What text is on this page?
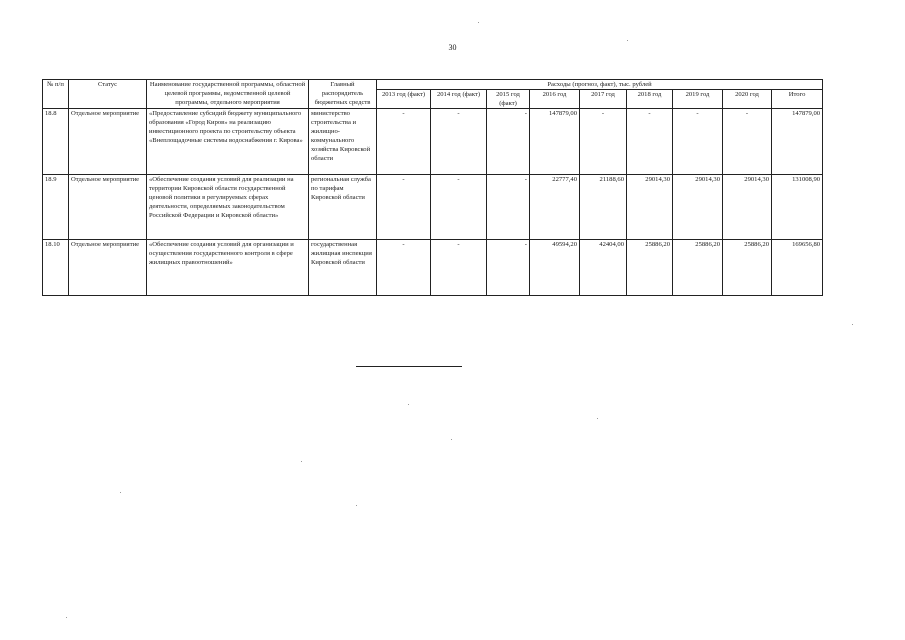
30
№ п/п	Статус	Наименование государственной программы, областной целевой программы, ведомственной целевой программы, отдельного мероприятия	Главный распорядитель бюджетных средств	Расходы (прогноз, факт), тыс. рублей								
				2013 год (факт)	2014 год (факт)	2015 год (факт)	2016 год	2017 год	2018 год	2019 год	2020 год	Итого
18.8	Отдельное мероприятие	«Предоставление субсидий бюджету муниципального образования «Город Киров» на реализацию инвестиционного проекта по строительству объекта «Внеплощадочные системы водоснабжения г. Кирова»	министерство строительства и жилищно-коммунального хозяйства Кировской области	-	-	-	147879,00	-	-	-	-	147879,00
18.9	Отдельное мероприятие	«Обеспечение создания условий для реализации на территории Кировской области государственной ценовой политики в регулируемых сферах деятельности, определяемых законодательством Российской Федерации и Кировской области»	региональная служба по тарифам Кировской области	-	-	-	22777,40	21188,60	29014,30	29014,30	29014,30	131008,90
18.10	Отдельное мероприятие	«Обеспечение создания условий для организации и осуществления государственного контроля в сфере жилищных правоотношений»	государственная жилищная инспекция Кировской области	-	-	-	49594,20	42404,00	25886,20	25886,20	25886,20	169656,80
